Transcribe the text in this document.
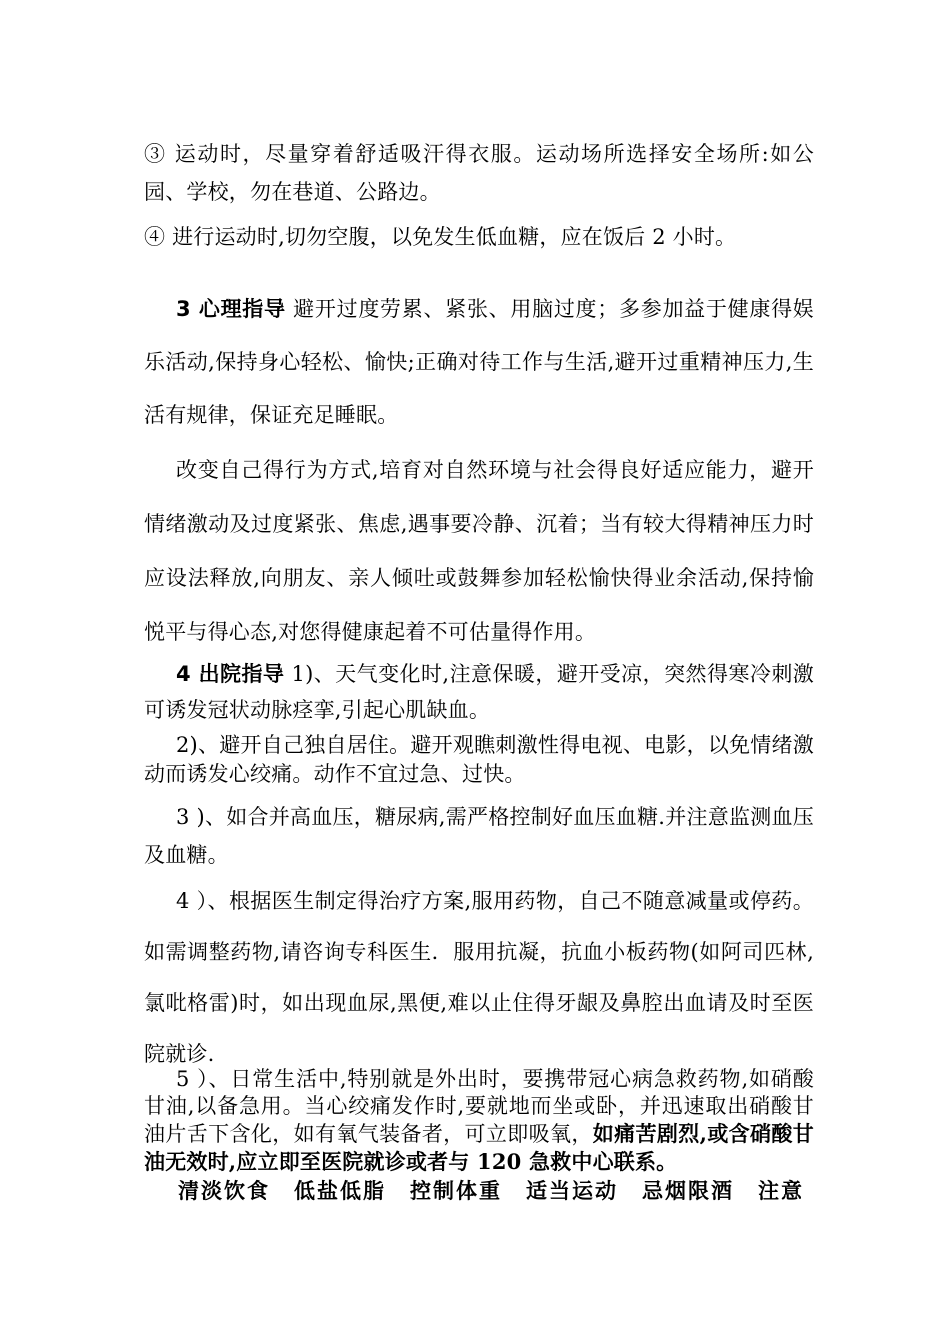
③ 运动时，尽量穿着舒适吸汗得衣服。运动场所选择安全场所:如公园、学校，勿在巷道、公路边。

④ 进行运动时,切勿空腹，以免发生低血糖，应在饭后 2 小时。

3 心理指导 避开过度劳累、紧张、用脑过度；多参加益于健康得娱乐活动,保持身心轻松、愉快;正确对待工作与生活,避开过重精神压力,生活有规律，保证充足睡眠。

改变自己得行为方式,培育对自然环境与社会得良好适应能力，避开情绪激动及过度紧张、焦虑,遇事要冷静、沉着；当有较大得精神压力时应设法释放,向朋友、亲人倾吐或鼓舞参加轻松愉快得业余活动,保持愉悦平与得心态,对您得健康起着不可估量得作用。

4 出院指导 1)、天气变化时,注意保暖，避开受凉，突然得寒冷刺激可诱发冠状动脉痉挛,引起心肌缺血。

2)、避开自己独自居住。避开观瞧刺激性得电视、电影，以免情绪激动而诱发心绞痛。动作不宜过急、过快。

3 )、如合并高血压，糖尿病,需严格控制好血压血糖.并注意监测血压及血糖。

4 ）、根据医生制定得治疗方案,服用药物，自己不随意减量或停药。如需调整药物,请咨询专科医生．服用抗凝，抗血小板药物(如阿司匹林,氯吡格雷)时，如出现血尿,黑便,难以止住得牙龈及鼻腔出血请及时至医院就诊.

5 ）、日常生活中,特别就是外出时，要携带冠心病急救药物,如硝酸甘油,以备急用。当心绞痛发作时,要就地而坐或卧，并迅速取出硝酸甘油片舌下含化，如有氧气装备者，可立即吸氧，如痛苦剧烈,或含硝酸甘油无效时,应立即至医院就诊或者与 120 急救中心联系。

清淡饮食 低盐低脂 控制体重 适当运动 忌烟限酒 注意
